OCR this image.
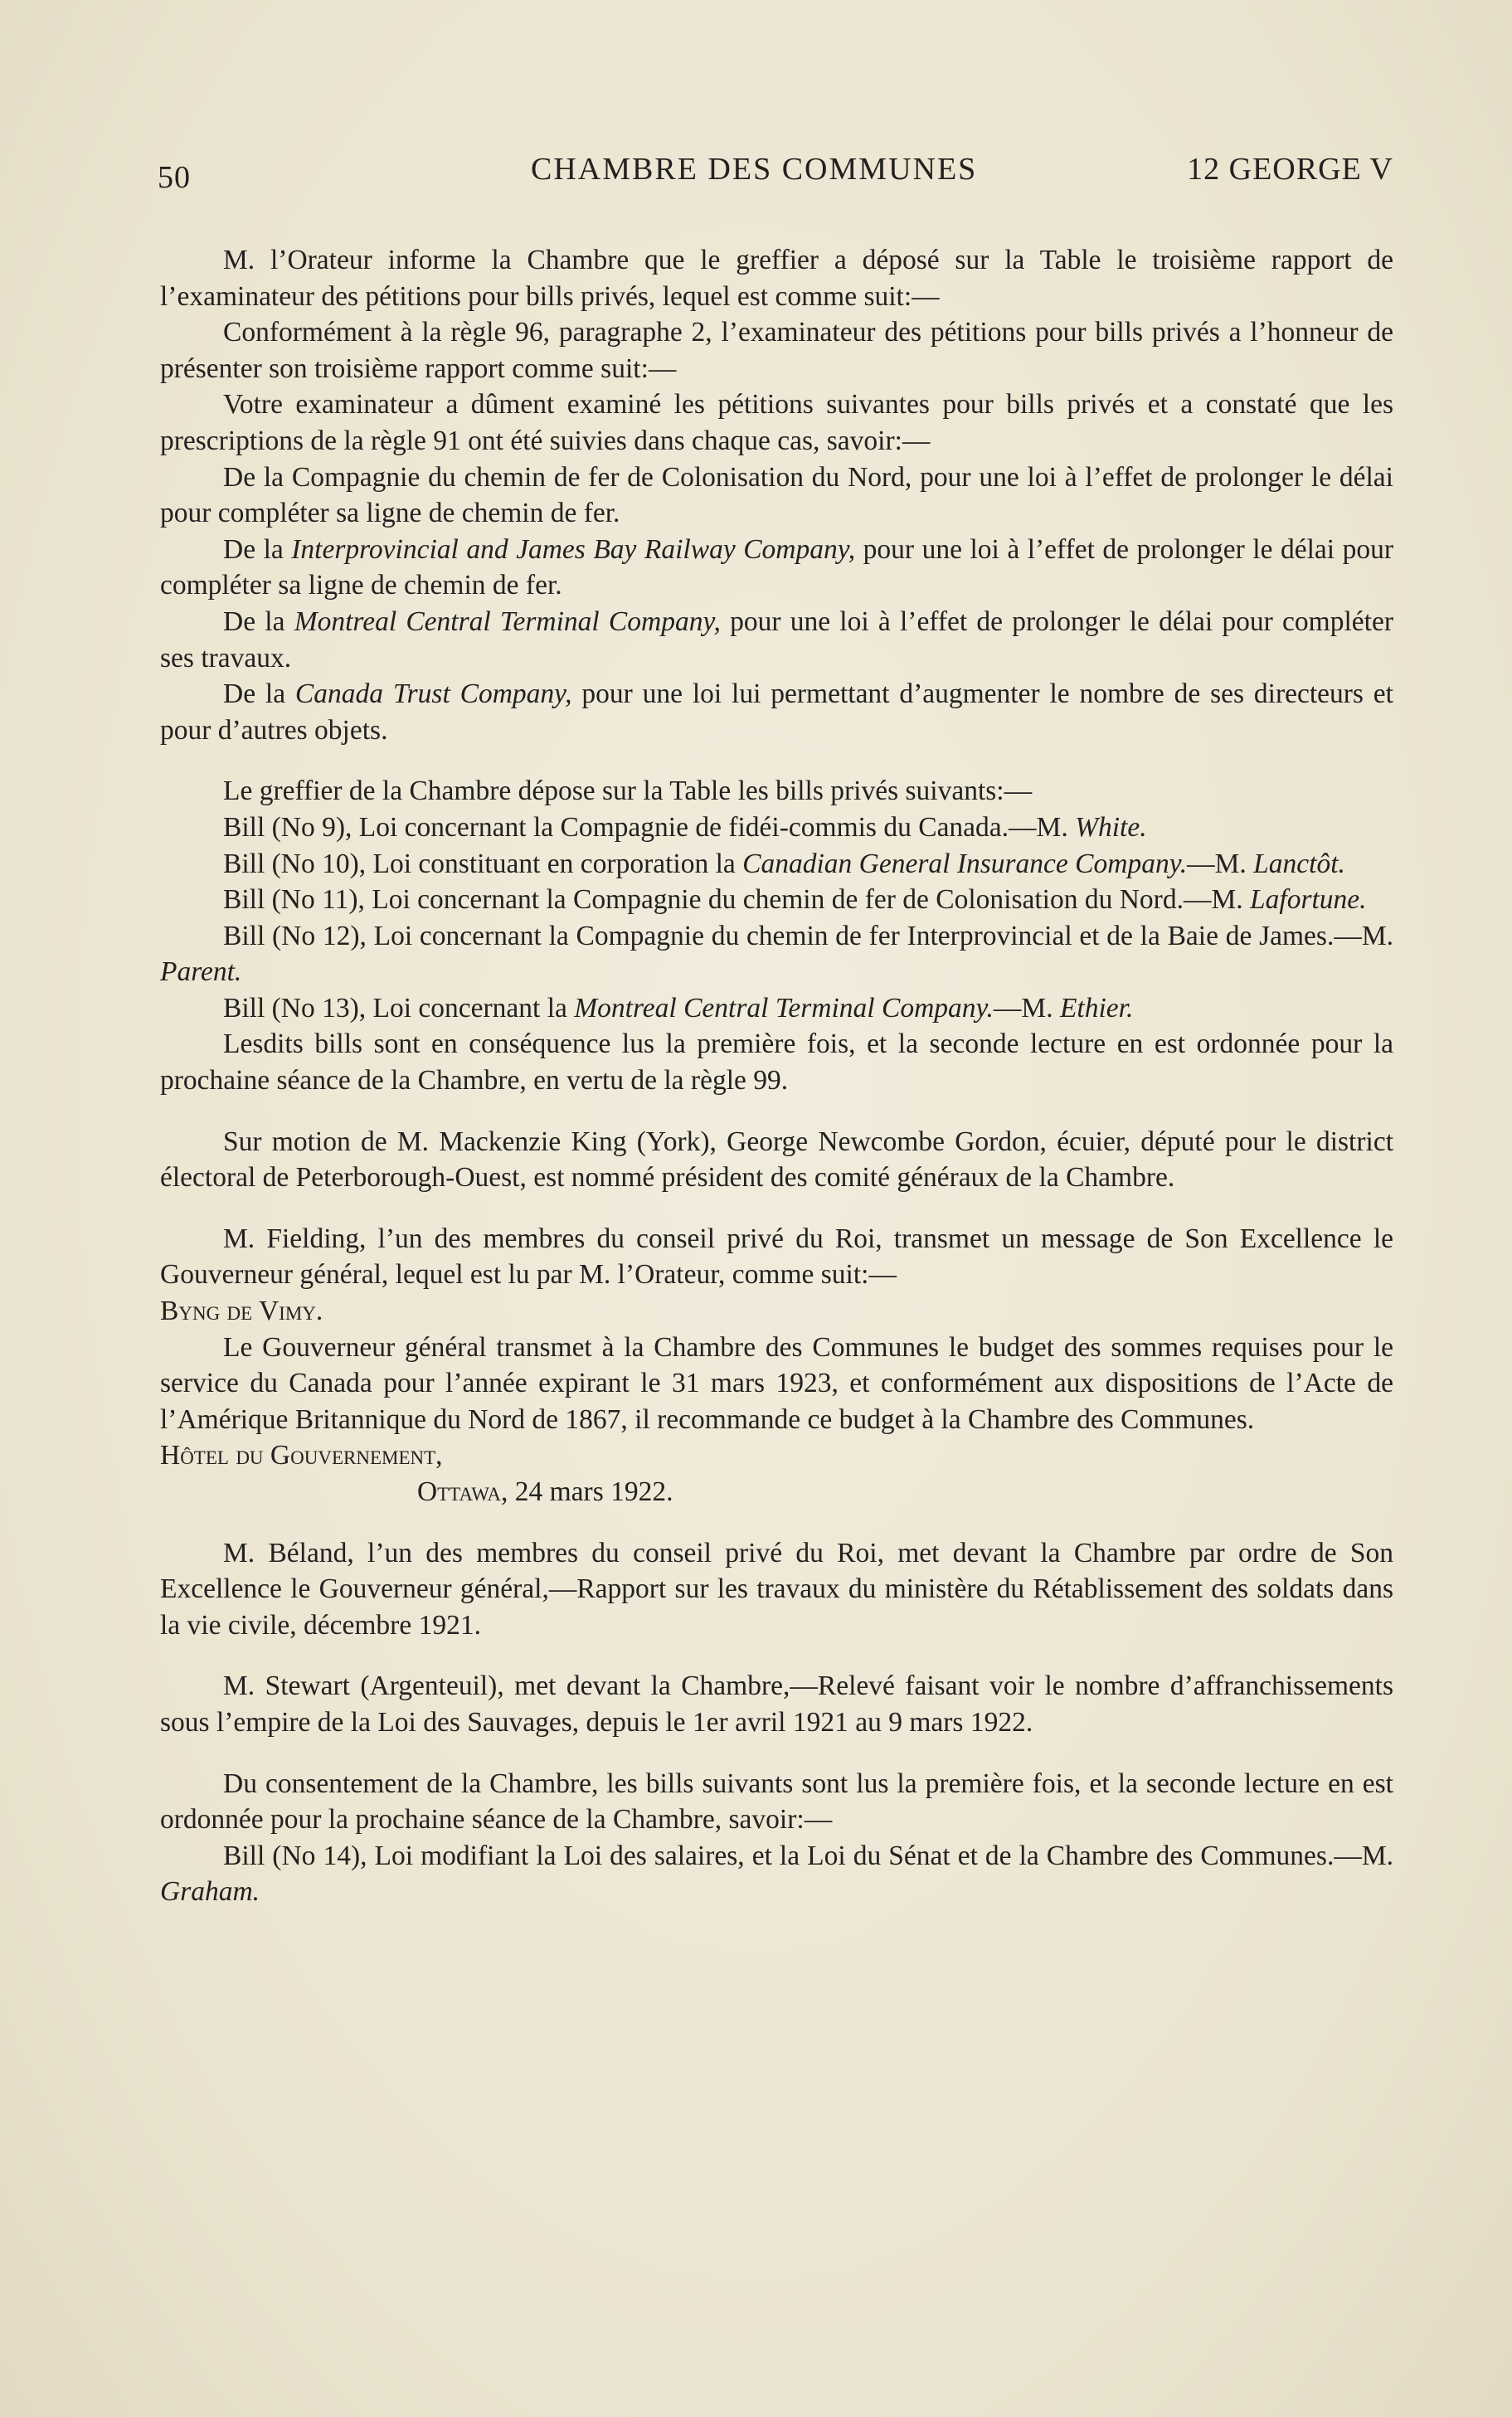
50	CHAMBRE DES COMMUNES	12 GEORGE V

M. l’Orateur informe la Chambre que le greffier a déposé sur la Table le troisième rapport de l’examinateur des pétitions pour bills privés, lequel est comme suit:—

Conformément à la règle 96, paragraphe 2, l’examinateur des pétitions pour bills privés a l’honneur de présenter son troisième rapport comme suit:—

Votre examinateur a dûment examiné les pétitions suivantes pour bills privés et a constaté que les prescriptions de la règle 91 ont été suivies dans chaque cas, savoir:—

De la Compagnie du chemin de fer de Colonisation du Nord, pour une loi à l’effet de prolonger le délai pour compléter sa ligne de chemin de fer.

De la Interprovincial and James Bay Railway Company, pour une loi à l’effet de prolonger le délai pour compléter sa ligne de chemin de fer.

De la Montreal Central Terminal Company, pour une loi à l’effet de prolonger le délai pour compléter ses travaux.

De la Canada Trust Company, pour une loi lui permettant d’augmenter le nombre de ses directeurs et pour d’autres objets.

Le greffier de la Chambre dépose sur la Table les bills privés suivants:—

Bill (No 9), Loi concernant la Compagnie de fidéi-commis du Canada.—M. White.

Bill (No 10), Loi constituant en corporation la Canadian General Insurance Company.—M. Lanctôt.

Bill (No 11), Loi concernant la Compagnie du chemin de fer de Colonisation du Nord.—M. Lafortune.

Bill (No 12), Loi concernant la Compagnie du chemin de fer Interprovincial et de la Baie de James.—M. Parent.

Bill (No 13), Loi concernant la Montreal Central Terminal Company.—M. Ethier.

Lesdits bills sont en conséquence lus la première fois, et la seconde lecture en est ordonnée pour la prochaine séance de la Chambre, en vertu de la règle 99.

Sur motion de M. Mackenzie King (York), George Newcombe Gordon, écuier, député pour le district électoral de Peterborough-Ouest, est nommé président des comité généraux de la Chambre.

M. Fielding, l’un des membres du conseil privé du Roi, transmet un message de Son Excellence le Gouverneur général, lequel est lu par M. l’Orateur, comme suit:—

Byng de Vimy.

Le Gouverneur général transmet à la Chambre des Communes le budget des sommes requises pour le service du Canada pour l’année expirant le 31 mars 1923, et conformément aux dispositions de l’Acte de l’Amérique Britannique du Nord de 1867, il recommande ce budget à la Chambre des Communes.

Hôtel du Gouvernement,

Ottawa, 24 mars 1922.

M. Béland, l’un des membres du conseil privé du Roi, met devant la Chambre par ordre de Son Excellence le Gouverneur général,—Rapport sur les travaux du ministère du Rétablissement des soldats dans la vie civile, décembre 1921.

M. Stewart (Argenteuil), met devant la Chambre,—Relevé faisant voir le nombre d’affranchissements sous l’empire de la Loi des Sauvages, depuis le 1er avril 1921 au 9 mars 1922.

Du consentement de la Chambre, les bills suivants sont lus la première fois, et la seconde lecture en est ordonnée pour la prochaine séance de la Chambre, savoir:—

Bill (No 14), Loi modifiant la Loi des salaires, et la Loi du Sénat et de la Chambre des Communes.—M. Graham.
